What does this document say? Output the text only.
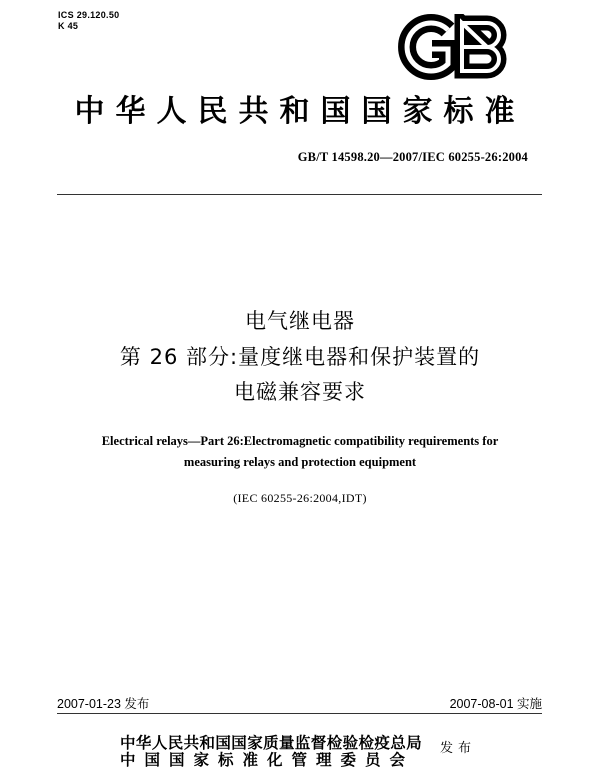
ICS 29.120.50
K 45
中华人民共和国国家标准
GB/T 14598.20—2007/IEC 60255-26:2004
电气继电器
第 26 部分:量度继电器和保护装置的
电磁兼容要求
Electrical relays—Part 26:Electromagnetic compatibility requirements for
measuring relays and protection equipment
(IEC 60255-26:2004,IDT)
2007-01-23 发布	2007-08-01 实施
中华人民共和国国家质量监督检验检疫总局
中国国家标准化管理委员会
发布
